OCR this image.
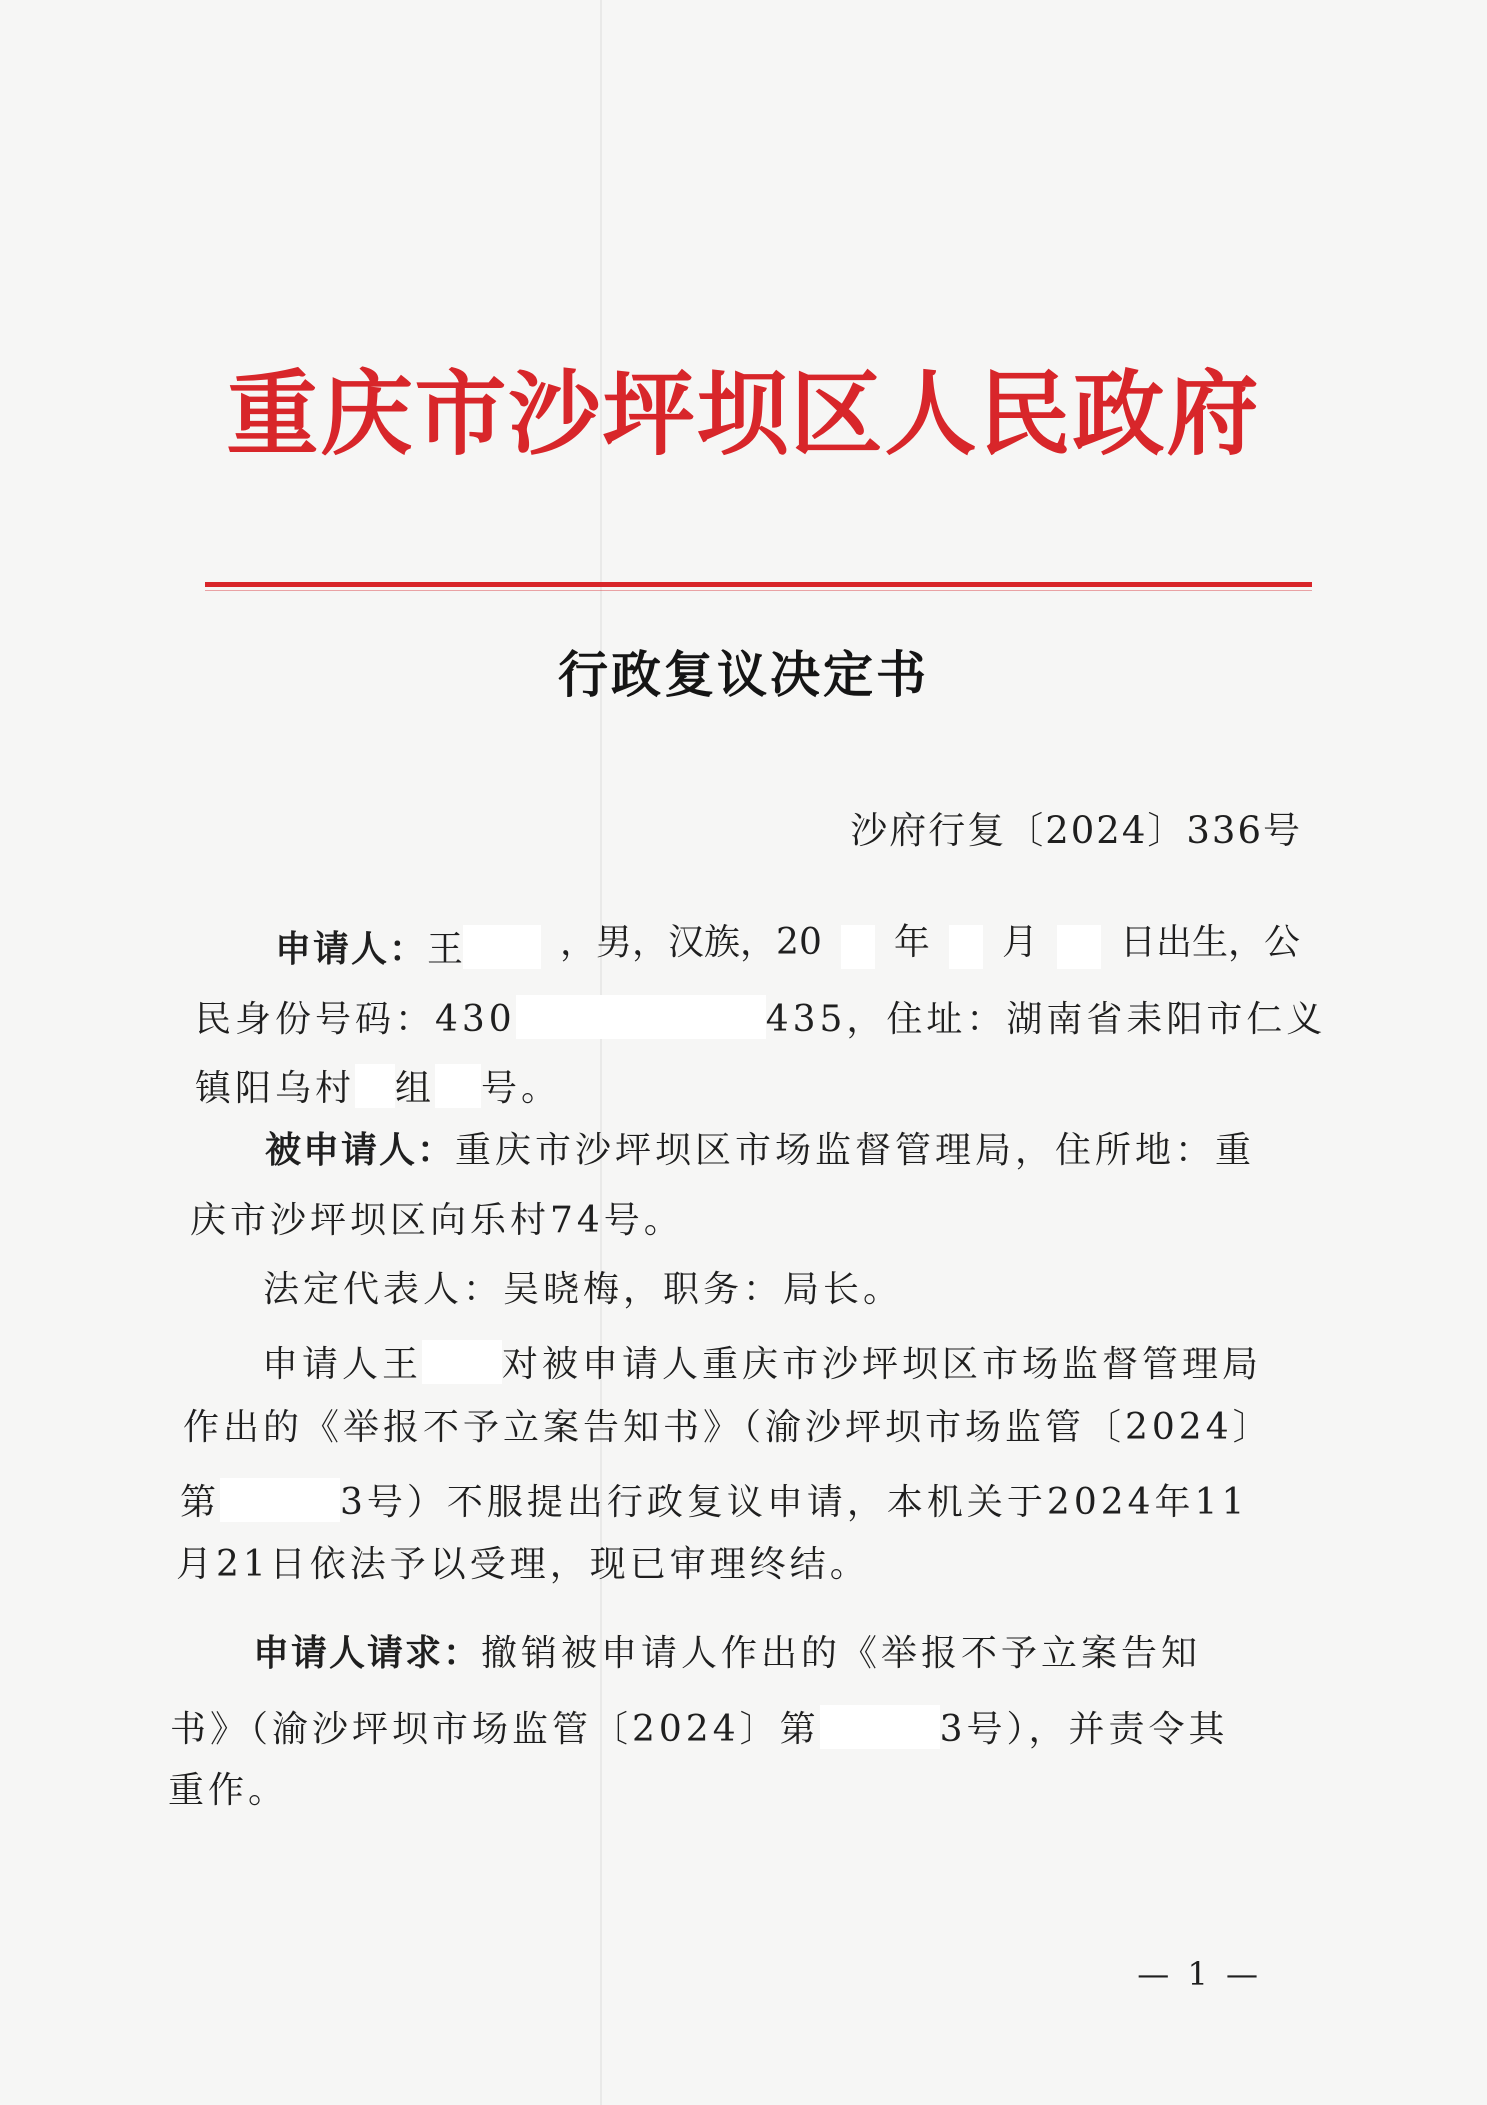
重庆市沙坪坝区人民政府
行政复议决定书
沙府行复〔2024〕336号
申请人：王	，男，汉族，20 年 月 日出生，公
民身份号码：430	435，住址：湖南省耒阳市仁义
镇阳乌村 组 号。
被申请人：重庆市沙坪坝区市场监督管理局，住所地：重
庆市沙坪坝区向乐村74号。
法定代表人：吴晓梅，职务：局长。
申请人王 对被申请人重庆市沙坪坝区市场监督管理局
作出的《举报不予立案告知书》（渝沙坪坝市场监管〔2024〕
第	3号）不服提出行政复议申请，本机关于2024年11
月21日依法予以受理，现已审理终结。
申请人请求：撤销被申请人作出的《举报不予立案告知
书》（渝沙坪坝市场监管〔2024〕第	3号），并责令其
重作。
— 1 —
